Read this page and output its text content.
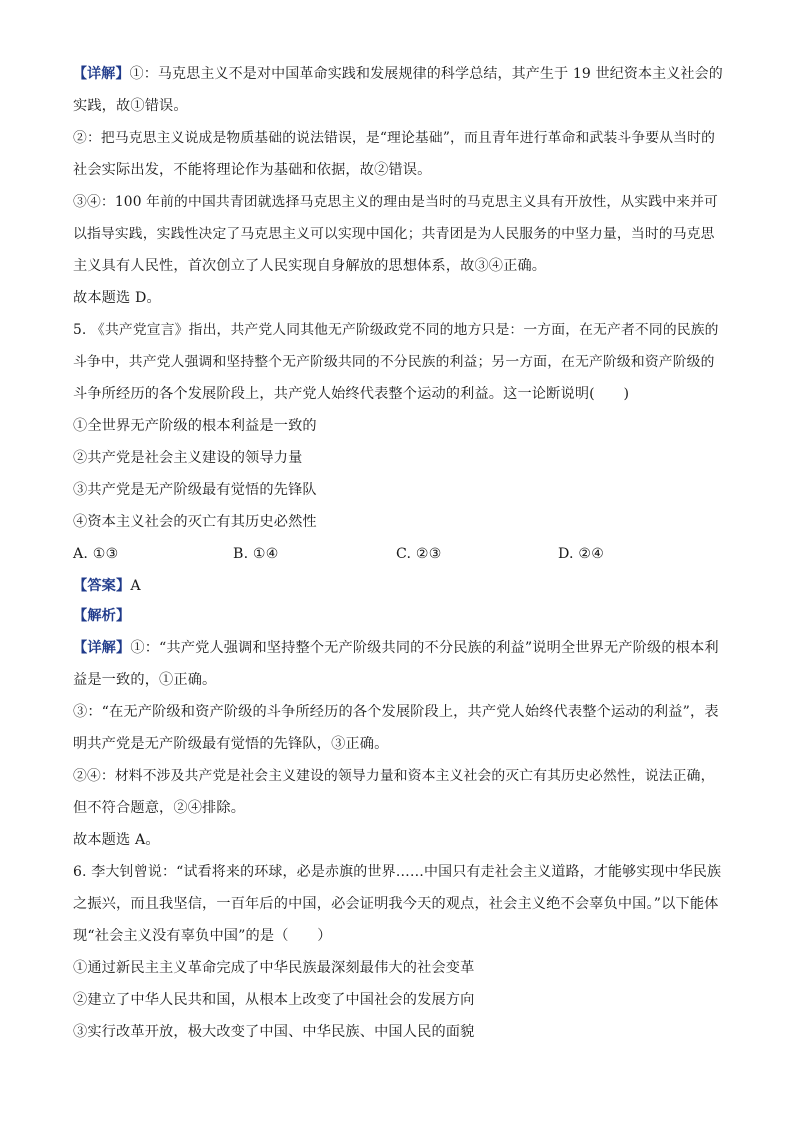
【详解】①：马克思主义不是对中国革命实践和发展规律的科学总结，其产生于 19 世纪资本主义社会的
实践，故①错误。
②：把马克思主义说成是物质基础的说法错误，是“理论基础”，而且青年进行革命和武装斗争要从当时的
社会实际出发，不能将理论作为基础和依据，故②错误。
③④：100 年前的中国共青团就选择马克思主义的理由是当时的马克思主义具有开放性，从实践中来并可
以指导实践，实践性决定了马克思主义可以实现中国化；共青团是为人民服务的中坚力量，当时的马克思
主义具有人民性，首次创立了人民实现自身解放的思想体系，故③④正确。
故本题选 D。
5. 《共产党宣言》指出，共产党人同其他无产阶级政党不同的地方只是：一方面，在无产者不同的民族的
斗争中，共产党人强调和坚持整个无产阶级共同的不分民族的利益；另一方面，在无产阶级和资产阶级的
斗争所经历的各个发展阶段上，共产党人始终代表整个运动的利益。这一论断说明(　　)
①全世界无产阶级的根本利益是一致的
②共产党是社会主义建设的领导力量
③共产党是无产阶级最有觉悟的先锋队
④资本主义社会的灭亡有其历史必然性
A. ①③	B. ①④	C. ②③	D. ②④
【答案】A
【解析】
【详解】①：“共产党人强调和坚持整个无产阶级共同的不分民族的利益”说明全世界无产阶级的根本利
益是一致的，①正确。
③：“在无产阶级和资产阶级的斗争所经历的各个发展阶段上，共产党人始终代表整个运动的利益”，表
明共产党是无产阶级最有觉悟的先锋队，③正确。
②④：材料不涉及共产党是社会主义建设的领导力量和资本主义社会的灭亡有其历史必然性，说法正确，
但不符合题意，②④排除。
故本题选 A。
6. 李大钊曾说：“试看将来的环球，必是赤旗的世界……中国只有走社会主义道路，才能够实现中华民族
之振兴，而且我坚信，一百年后的中国，必会证明我今天的观点，社会主义绝不会辜负中国。”以下能体
现“社会主义没有辜负中国”的是（　　）
①通过新民主主义革命完成了中华民族最深刻最伟大的社会变革
②建立了中华人民共和国，从根本上改变了中国社会的发展方向
③实行改革开放，极大改变了中国、中华民族、中国人民的面貌
